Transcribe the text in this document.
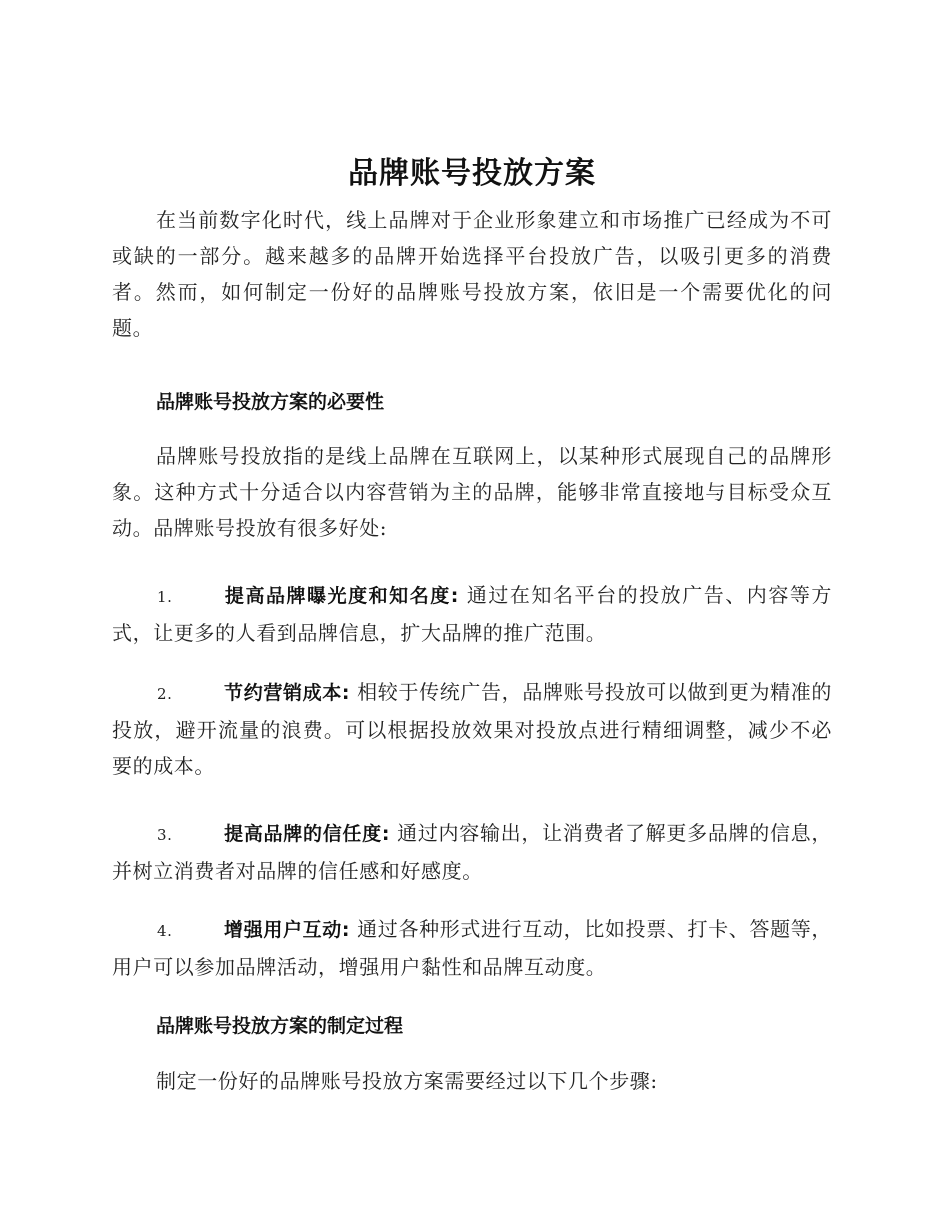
品牌账号投放方案

在当前数字化时代，线上品牌对于企业形象建立和市场推广已经成为不可或缺的一部分。越来越多的品牌开始选择平台投放广告，以吸引更多的消费者。然而，如何制定一份好的品牌账号投放方案，依旧是一个需要优化的问题。

品牌账号投放方案的必要性

品牌账号投放指的是线上品牌在互联网上，以某种形式展现自己的品牌形象。这种方式十分适合以内容营销为主的品牌，能够非常直接地与目标受众互动。品牌账号投放有很多好处:

1.	提高品牌曝光度和知名度: 通过在知名平台的投放广告、内容等方式，让更多的人看到品牌信息，扩大品牌的推广范围。
2.	节约营销成本: 相较于传统广告，品牌账号投放可以做到更为精准的投放，避开流量的浪费。可以根据投放效果对投放点进行精细调整，减少不必要的成本。
3.	提高品牌的信任度: 通过内容输出，让消费者了解更多品牌的信息，并树立消费者对品牌的信任感和好感度。
4.	增强用户互动: 通过各种形式进行互动，比如投票、打卡、答题等，用户可以参加品牌活动，增强用户黏性和品牌互动度。
品牌账号投放方案的制定过程

制定一份好的品牌账号投放方案需要经过以下几个步骤:
